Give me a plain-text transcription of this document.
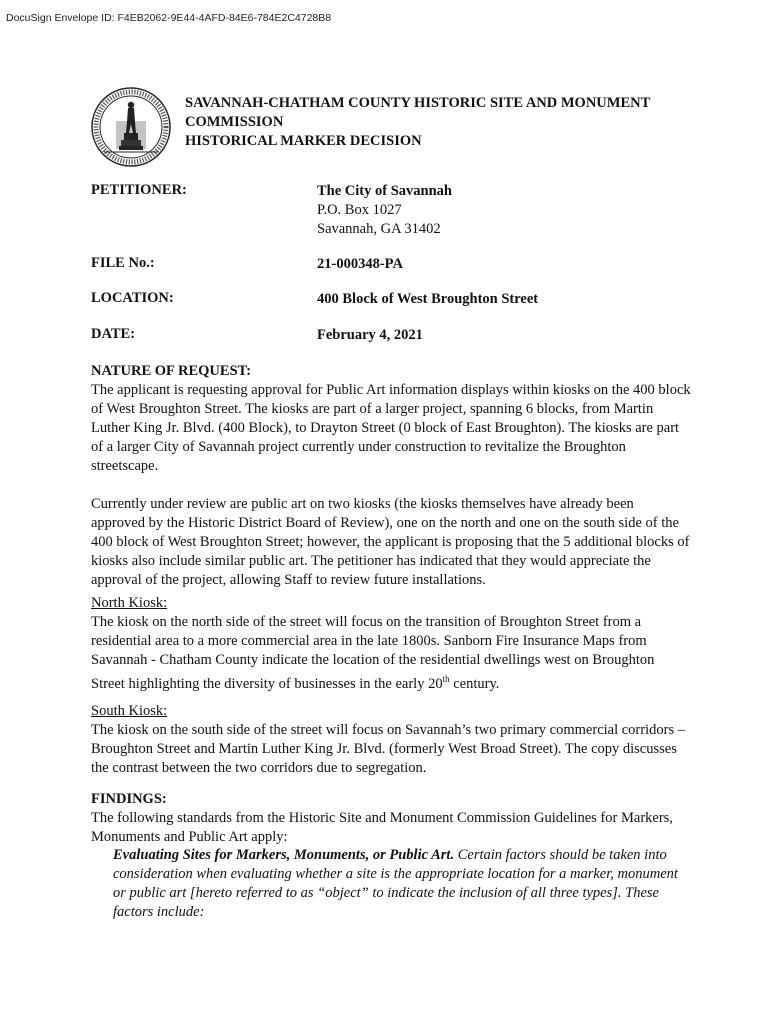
DocuSign Envelope ID: F4EB2062-9E44-4AFD-84E6-784E2C4728B8
SAVANNAH-CHATHAM COUNTY HISTORIC SITE AND MONUMENT
COMMISSION
HISTORICAL MARKER DECISION
PETITIONER:	The City of Savannah
P.O. Box 1027
Savannah, GA 31402
FILE No.:	21-000348-PA
LOCATION:	400 Block of West Broughton Street
DATE:	February 4, 2021

NATURE OF REQUEST:

The applicant is requesting approval for Public Art information displays within kiosks on the 400 block of West Broughton Street. The kiosks are part of a larger project, spanning 6 blocks, from Martin Luther King Jr. Blvd. (400 Block), to Drayton Street (0 block of East Broughton). The kiosks are part of a larger City of Savannah project currently under construction to revitalize the Broughton streetscape.

Currently under review are public art on two kiosks (the kiosks themselves have already been approved by the Historic District Board of Review), one on the north and one on the south side of the 400 block of West Broughton Street; however, the applicant is proposing that the 5 additional blocks of kiosks also include similar public art. The petitioner has indicated that they would appreciate the approval of the project, allowing Staff to review future installations.

North Kiosk:

The kiosk on the north side of the street will focus on the transition of Broughton Street from a residential area to a more commercial area in the late 1800s. Sanborn Fire Insurance Maps from Savannah - Chatham County indicate the location of the residential dwellings west on Broughton Street highlighting the diversity of businesses in the early 20th century.

South Kiosk:

The kiosk on the south side of the street will focus on Savannah’s two primary commercial corridors – Broughton Street and Martin Luther King Jr. Blvd. (formerly West Broad Street). The copy discusses the contrast between the two corridors due to segregation.

FINDINGS:

The following standards from the Historic Site and Monument Commission Guidelines for Markers, Monuments and Public Art apply:

Evaluating Sites for Markers, Monuments, or Public Art. Certain factors should be taken into consideration when evaluating whether a site is the appropriate location for a marker, monument or public art [hereto referred to as “object” to indicate the inclusion of all three types]. These factors include:
